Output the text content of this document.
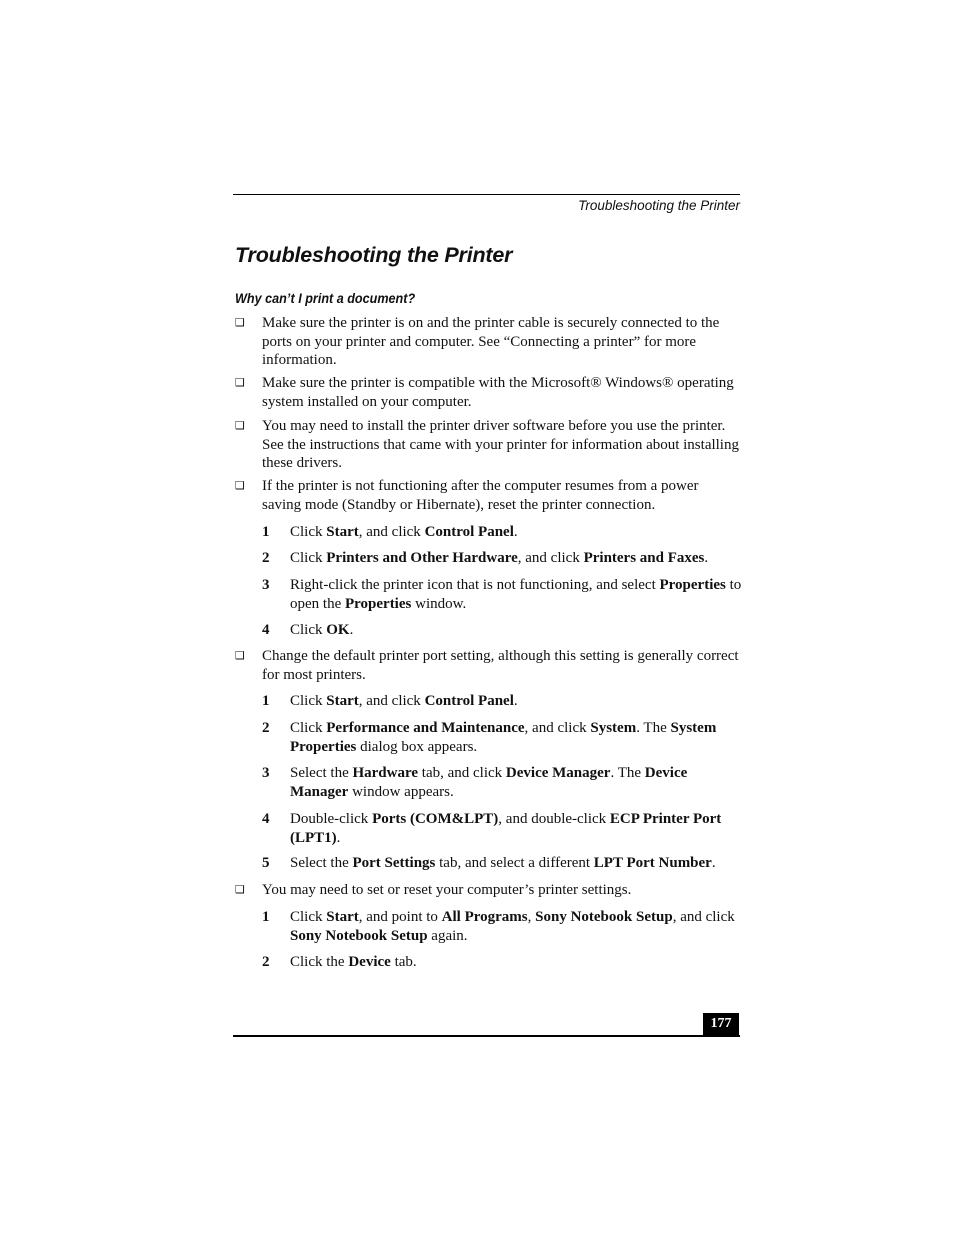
Troubleshooting the Printer
Troubleshooting the Printer
Why can’t I print a document?
❑ Make sure the printer is on and the printer cable is securely connected to the ports on your printer and computer. See “Connecting a printer” for more information.
❑ Make sure the printer is compatible with the Microsoft® Windows® operating system installed on your computer.
❑ You may need to install the printer driver software before you use the printer. See the instructions that came with your printer for information about installing these drivers.
❑ If the printer is not functioning after the computer resumes from a power saving mode (Standby or Hibernate), reset the printer connection.
1 Click Start, and click Control Panel.
2 Click Printers and Other Hardware, and click Printers and Faxes.
3 Right-click the printer icon that is not functioning, and select Properties to open the Properties window.
4 Click OK.
❑ Change the default printer port setting, although this setting is generally correct for most printers.
1 Click Start, and click Control Panel.
2 Click Performance and Maintenance, and click System. The System Properties dialog box appears.
3 Select the Hardware tab, and click Device Manager. The Device Manager window appears.
4 Double-click Ports (COM&LPT), and double-click ECP Printer Port (LPT1).
5 Select the Port Settings tab, and select a different LPT Port Number.
❑ You may need to set or reset your computer’s printer settings.
1 Click Start, and point to All Programs, Sony Notebook Setup, and click Sony Notebook Setup again.
2 Click the Device tab.
177
